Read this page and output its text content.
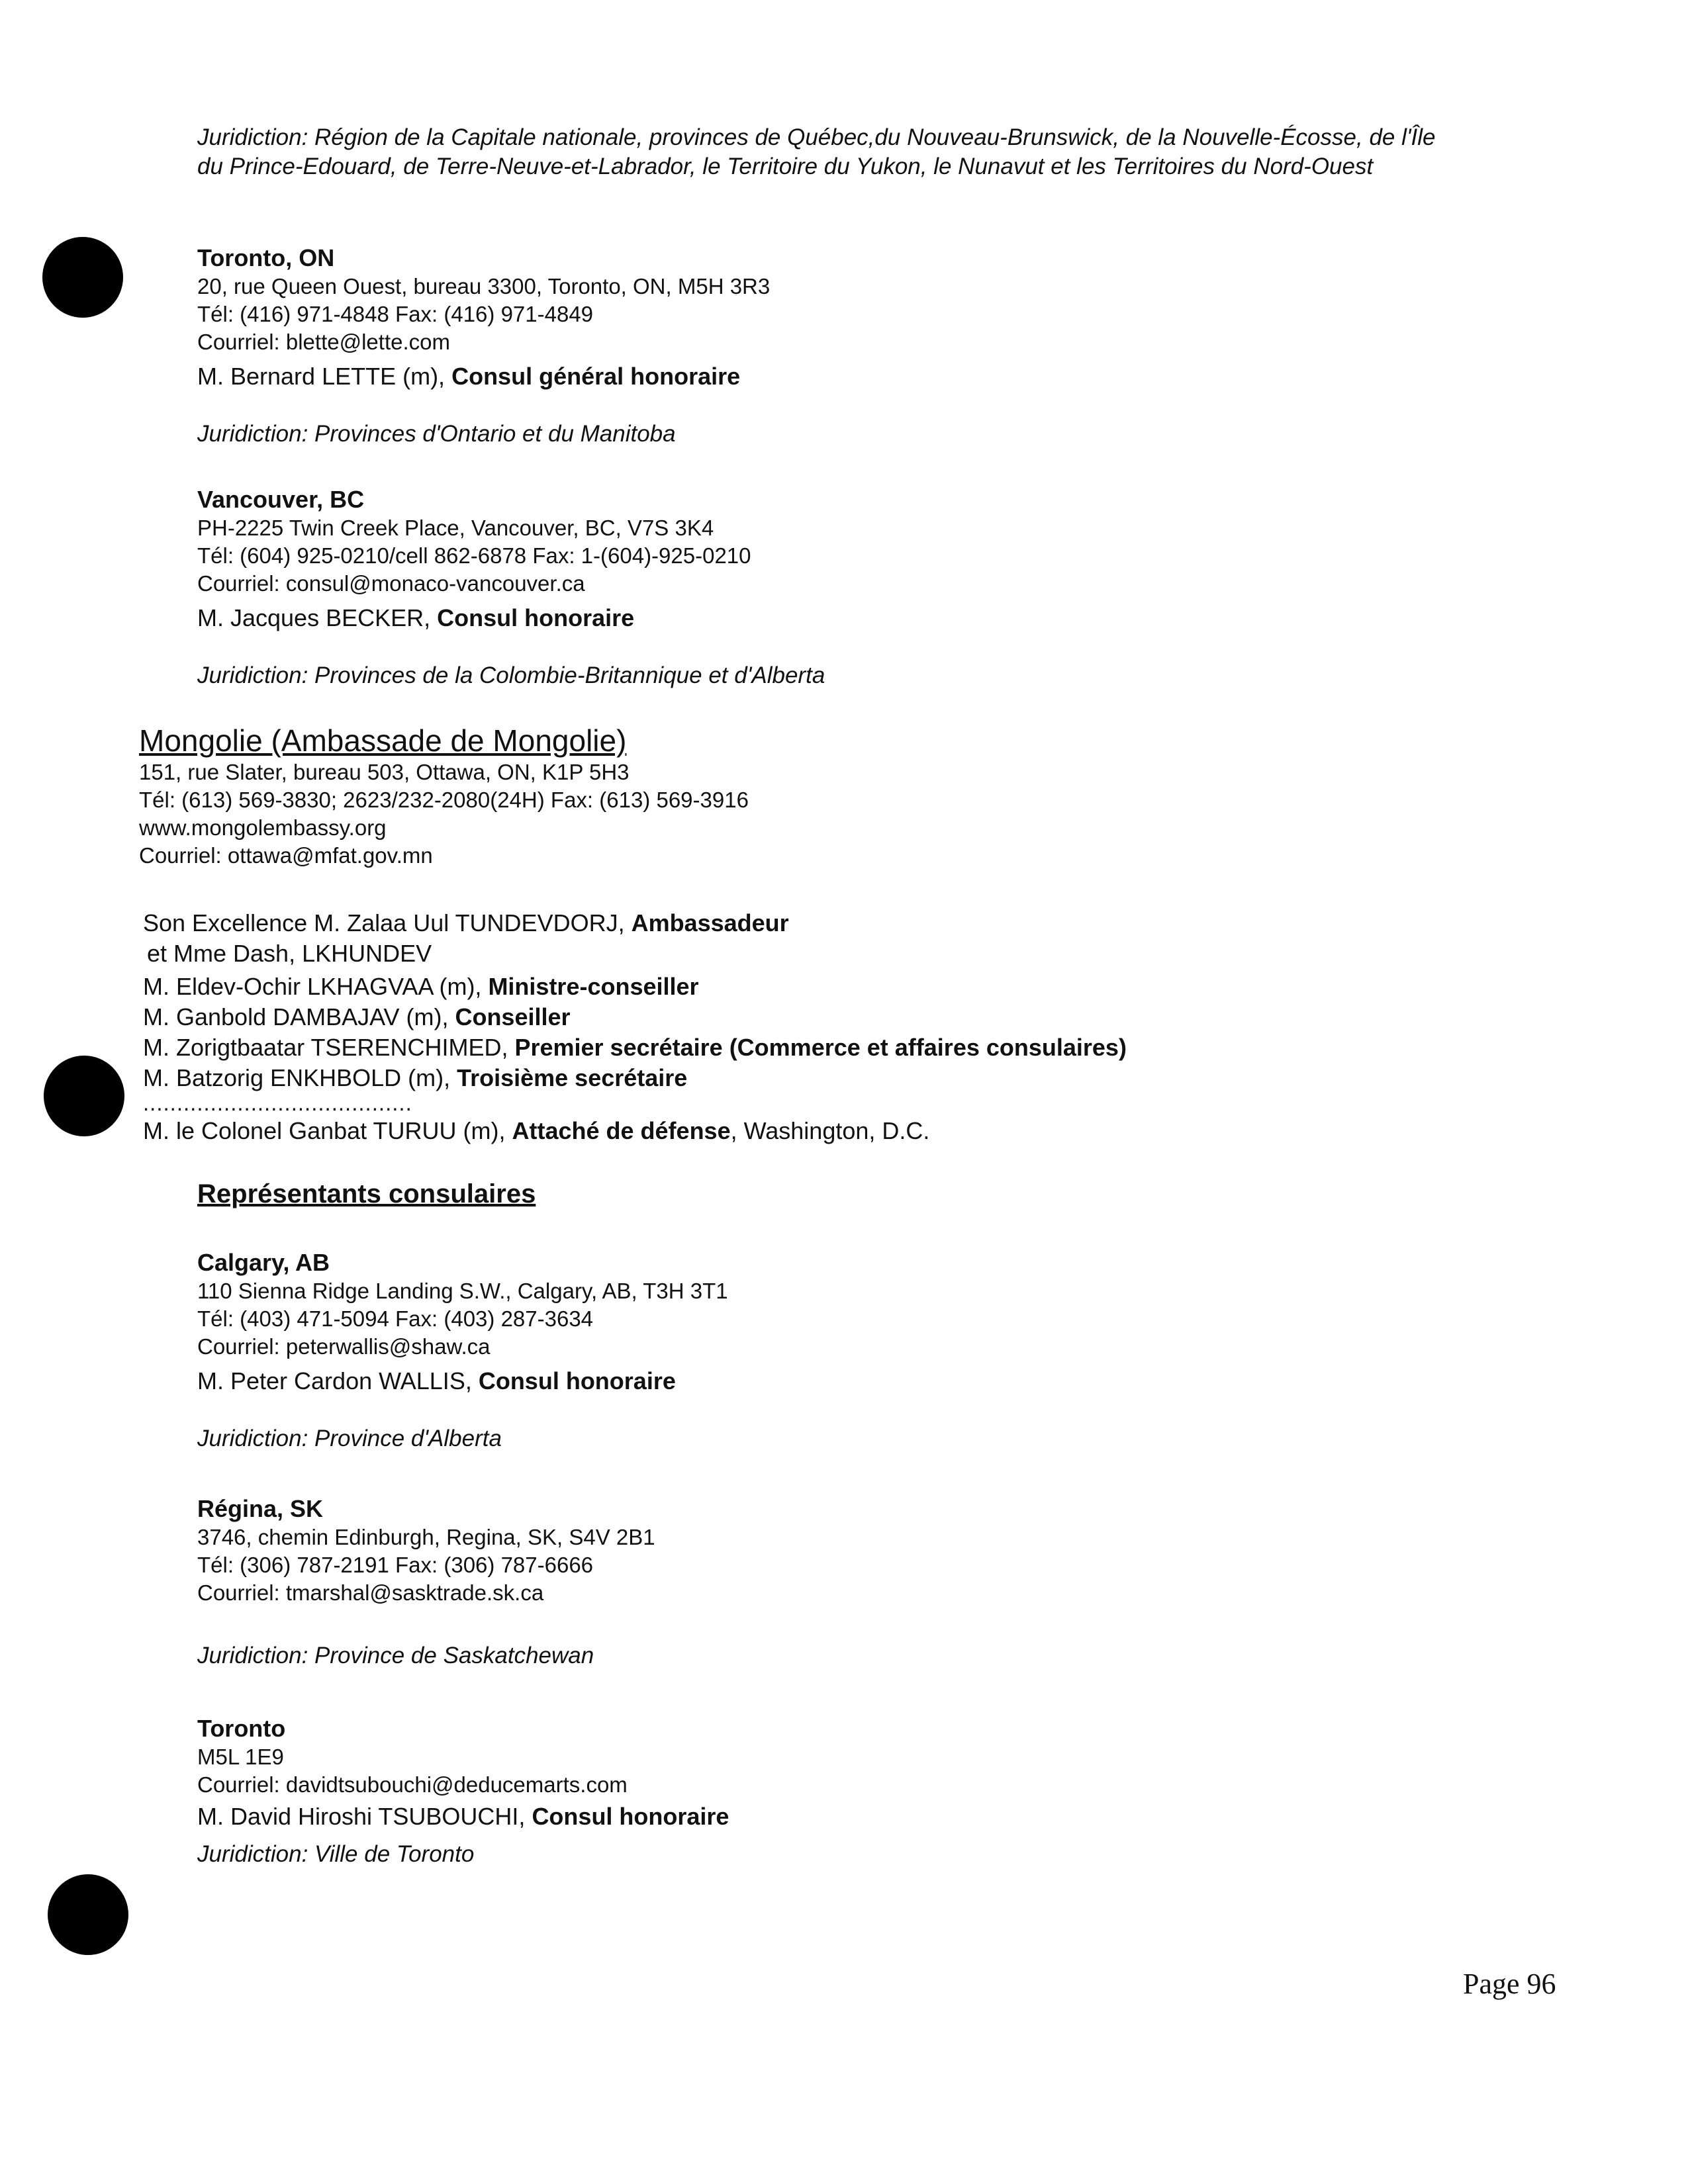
Juridiction: Région de la Capitale nationale, provinces de Québec,du Nouveau-Brunswick, de la Nouvelle-Écosse, de l'Île
du Prince-Edouard, de Terre-Neuve-et-Labrador, le Territoire du Yukon, le Nunavut et les Territoires du Nord-Ouest
Toronto, ON
20, rue Queen Ouest, bureau 3300, Toronto, ON, M5H 3R3
Tél: (416) 971-4848 Fax: (416) 971-4849
Courriel: blette@lette.com
M. Bernard LETTE (m), Consul général honoraire
Juridiction: Provinces d'Ontario et du Manitoba
Vancouver, BC
PH-2225 Twin Creek Place, Vancouver, BC, V7S 3K4
Tél: (604) 925-0210/cell 862-6878 Fax: 1-(604)-925-0210
Courriel: consul@monaco-vancouver.ca
M. Jacques BECKER, Consul honoraire
Juridiction: Provinces de la Colombie-Britannique et d'Alberta
Mongolie (Ambassade de Mongolie)
151, rue Slater, bureau 503, Ottawa, ON, K1P 5H3
Tél: (613) 569-3830; 2623/232-2080(24H) Fax: (613) 569-3916
www.mongolembassy.org
Courriel: ottawa@mfat.gov.mn
Son Excellence M. Zalaa Uul TUNDEVDORJ, Ambassadeur
et Mme Dash, LKHUNDEV
M. Eldev-Ochir LKHAGVAA (m), Ministre-conseiller
M. Ganbold DAMBAJAV (m), Conseiller
M. Zorigtbaatar TSERENCHIMED, Premier secrétaire (Commerce et affaires consulaires)
M. Batzorig ENKHBOLD (m), Troisième secrétaire
........................................
M. le Colonel Ganbat TURUU (m), Attaché de défense, Washington, D.C.
Représentants consulaires
Calgary, AB
110 Sienna Ridge Landing S.W., Calgary, AB, T3H 3T1
Tél: (403) 471-5094 Fax: (403) 287-3634
Courriel: peterwallis@shaw.ca
M. Peter Cardon WALLIS, Consul honoraire
Juridiction: Province d'Alberta
Régina, SK
3746, chemin Edinburgh, Regina, SK, S4V 2B1
Tél: (306) 787-2191 Fax: (306) 787-6666
Courriel: tmarshal@sasktrade.sk.ca
Juridiction: Province de Saskatchewan
Toronto
M5L 1E9
Courriel: davidtsubouchi@deducemarts.com
M. David Hiroshi TSUBOUCHI, Consul honoraire
Juridiction: Ville de Toronto
Page 96
